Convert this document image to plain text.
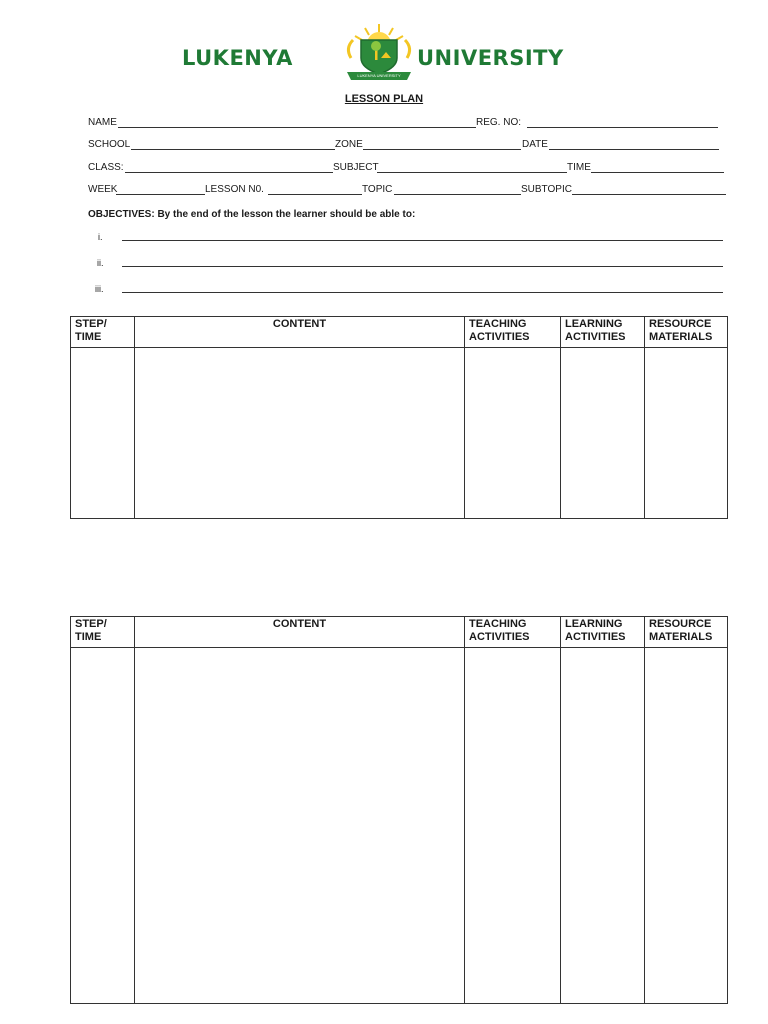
LUKENYA
LUKENYA UNIVERSITY
UNIVERSITY
LESSON PLAN
NAME	REG. NO:
SCHOOL	ZONE	DATE
CLASS:	SUBJECT	TIME
WEEK	LESSON N0.	TOPIC	SUBTOPIC
OBJECTIVES: By the end of the lesson the learner should be able to:
i.
ii.
iii.
STEP/ TIME	CONTENT	TEACHING ACTIVITIES	LEARNING ACTIVITIES	RESOURCE MATERIALS

STEP/ TIME	CONTENT	TEACHING ACTIVITIES	LEARNING ACTIVITIES	RESOURCE MATERIALS
